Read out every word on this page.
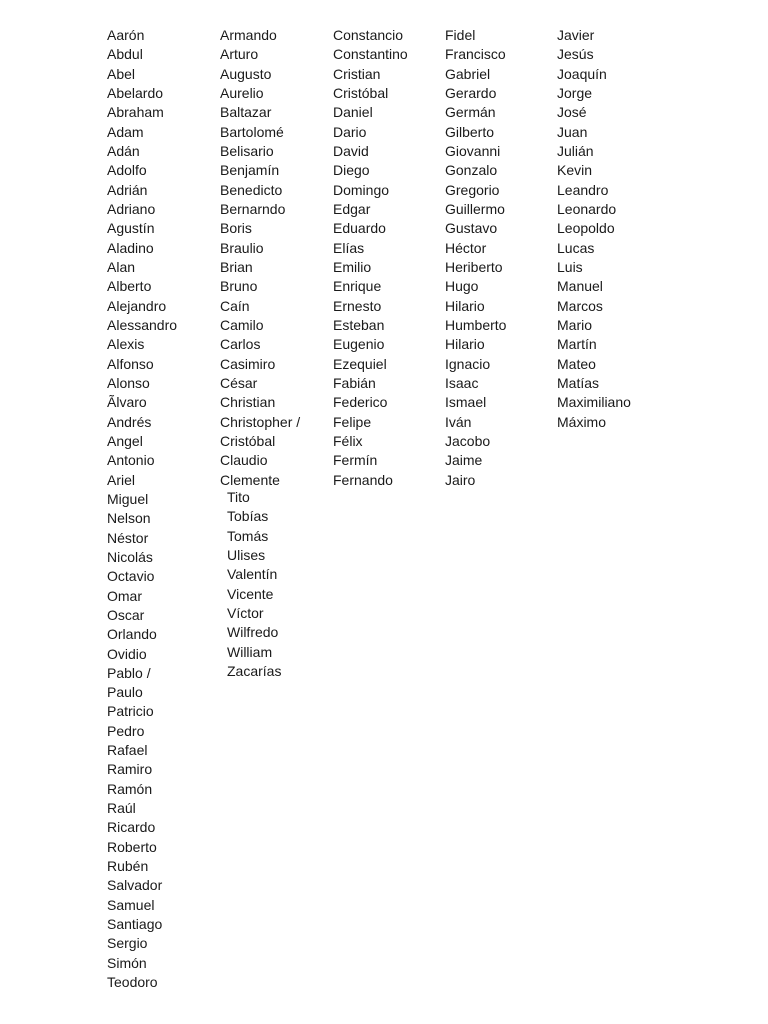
Aarón
Abdul
Abel
Abelardo
Abraham
Adam
Adán
Adolfo
Adrián
Adriano
Agustín
Aladino
Alan
Alberto
Alejandro
Alessandro
Alexis
Alfonso
Alonso
Ãlvaro
Andrés
Angel
Antonio
Ariel
Miguel
Nelson
Néstor
Nicolás
Octavio
Omar
Oscar
Orlando
Ovidio
Pablo /
Paulo
Patricio
Pedro
Rafael
Ramiro
Ramón
Raúl
Ricardo
Roberto
Rubén
Salvador
Samuel
Santiago
Sergio
Simón
Teodoro
Armando
Arturo
Augusto
Aurelio
Baltazar
Bartolomé
Belisario
Benjamín
Benedicto
Bernarndo
Boris
Braulio
Brian
Bruno
Caín
Camilo
Carlos
Casimiro
César
Christian
Christopher /
Cristóbal
Claudio
Clemente
Constancio
Constantino
Cristian
Cristóbal
Daniel
Dario
David
Diego
Domingo
Edgar
Eduardo
Elías
Emilio
Enrique
Ernesto
Esteban
Eugenio
Ezequiel
Fabián
Federico
Felipe
Félix
Fermín
Fernando
Fidel
Francisco
Gabriel
Gerardo
Germán
Gilberto
Giovanni
Gonzalo
Gregorio
Guillermo
Gustavo
Héctor
Heriberto
Hugo
Hilario
Humberto
Hilario
Ignacio
Isaac
Ismael
Iván
Jacobo
Jaime
Jairo
Javier
Jesús
Joaquín
Jorge
José
Juan
Julián
Kevin
Leandro
Leonardo
Leopoldo
Lucas
Luis
Manuel
Marcos
Mario
Martín
Mateo
Matías
Maximiliano
Máximo
Tito
Tobías
Tomás
Ulises
Valentín
Vicente
Víctor
Wilfredo
William
Zacarías
